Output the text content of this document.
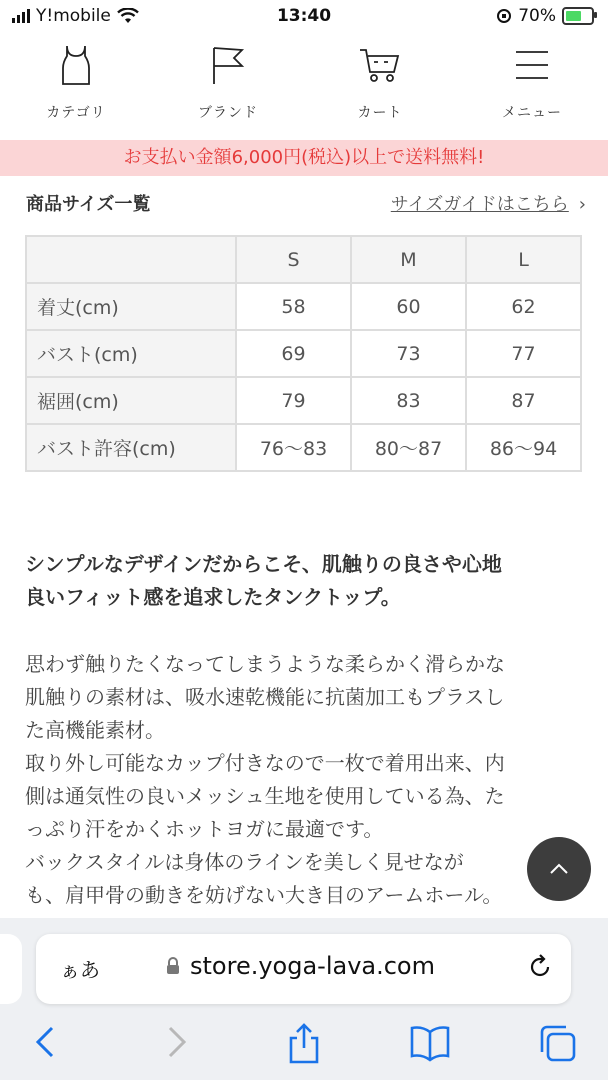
Y!mobile	13:40	70%
カテゴリ	ブランド	カート	メニュー
お支払い金額6,000円(税込)以上で送料無料!
商品サイズ一覧	サイズガイドはこちら ›
	S	M	L
着丈(cm)	58	60	62
バスト(cm)	69	73	77
裾囲(cm)	79	83	87
バスト許容(cm)	76〜83	80〜87	86〜94
シンプルなデザインだからこそ、肌触りの良さや心地
良いフィット感を追求したタンクトップ。

思わず触りたくなってしまうような柔らかく滑らかな

肌触りの素材は、吸水速乾機能に抗菌加工もプラスし

た高機能素材。

取り外し可能なカップ付きなので一枚で着用出来、内

側は通気性の良いメッシュ生地を使用している為、た

っぷり汗をかくホットヨガに最適です。

バックスタイルは身体のラインを美しく見せなが

も、肩甲骨の動きを妨げない大き目のアームホール。

ぁあ	store.yoga-lava.com
